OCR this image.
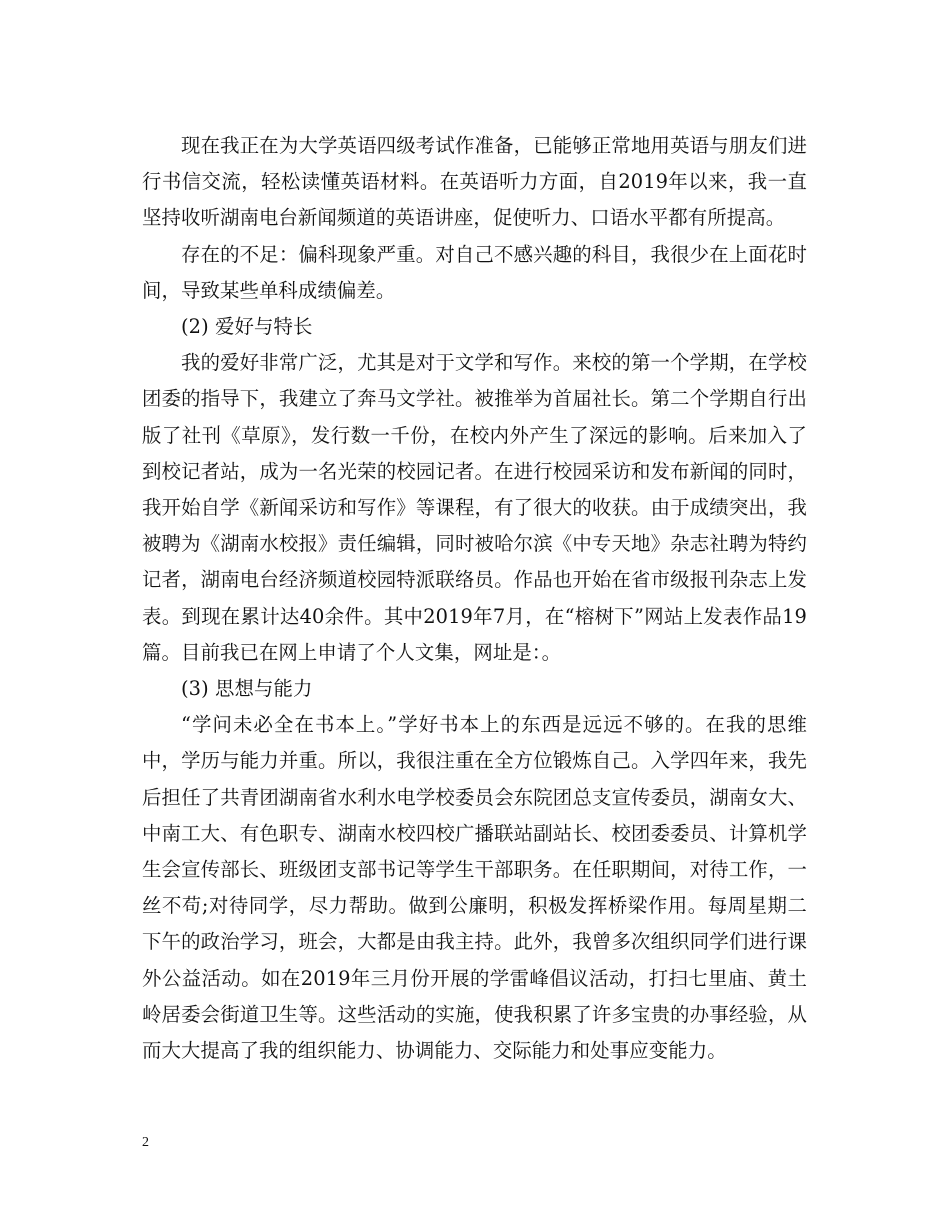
现在我正在为大学英语四级考试作准备，已能够正常地用英语与朋友们进行书信交流，轻松读懂英语材料。在英语听力方面，自2019年以来，我一直坚持收听湖南电台新闻频道的英语讲座，促使听力、口语水平都有所提高。

存在的不足：偏科现象严重。对自己不感兴趣的科目，我很少在上面花时间，导致某些单科成绩偏差。

(2) 爱好与特长

我的爱好非常广泛，尤其是对于文学和写作。来校的第一个学期，在学校团委的指导下，我建立了奔马文学社。被推举为首届社长。第二个学期自行出版了社刊《草原》，发行数一千份，在校内外产生了深远的影响。后来加入了到校记者站，成为一名光荣的校园记者。在进行校园采访和发布新闻的同时，我开始自学《新闻采访和写作》等课程，有了很大的收获。由于成绩突出，我被聘为《湖南水校报》责任编辑，同时被哈尔滨《中专天地》杂志社聘为特约记者，湖南电台经济频道校园特派联络员。作品也开始在省市级报刊杂志上发表。到现在累计达40余件。其中2019年7月，在“榕树下”网站上发表作品19篇。目前我已在网上申请了个人文集，网址是：。

(3) 思想与能力

“学问未必全在书本上。”学好书本上的东西是远远不够的。在我的思维中，学历与能力并重。所以，我很注重在全方位锻炼自己。入学四年来，我先后担任了共青团湖南省水利水电学校委员会东院团总支宣传委员，湖南女大、中南工大、有色职专、湖南水校四校广播联站副站长、校团委委员、计算机学生会宣传部长、班级团支部书记等学生干部职务。在任职期间，对待工作，一丝不苟;对待同学，尽力帮助。做到公廉明，积极发挥桥梁作用。每周星期二下午的政治学习，班会，大都是由我主持。此外，我曾多次组织同学们进行课外公益活动。如在2019年三月份开展的学雷峰倡议活动，打扫七里庙、黄土岭居委会街道卫生等。这些活动的实施，使我积累了许多宝贵的办事经验，从而大大提高了我的组织能力、协调能力、交际能力和处事应变能力。

2
